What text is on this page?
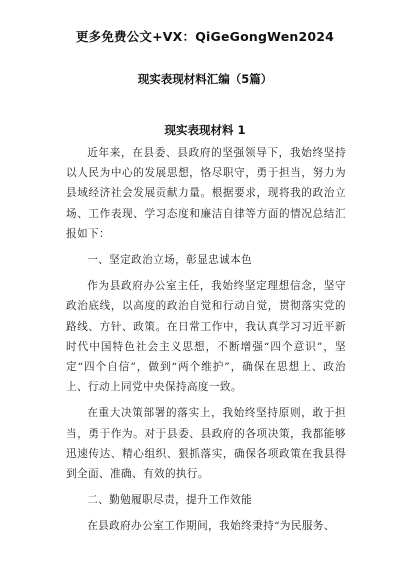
更多免费公文+VX：QiGeGongWen2024
现实表现材料汇编（5篇）
现实表现材料 1

近年来，在县委、县政府的坚强领导下，我始终坚持以人民为中心的发展思想，恪尽职守，勇于担当，努力为县域经济社会发展贡献力量。根据要求，现将我的政治立场、工作表现、学习态度和廉洁自律等方面的情况总结汇报如下：

一、坚定政治立场，彰显忠诚本色

作为县政府办公室主任，我始终坚定理想信念，坚守政治底线，以高度的政治自觉和行动自觉，贯彻落实党的路线、方针、政策。在日常工作中，我认真学习习近平新时代中国特色社会主义思想，不断增强“四个意识”，坚定“四个自信”，做到“两个维护”，确保在思想上、政治上、行动上同党中央保持高度一致。

在重大决策部署的落实上，我始终坚持原则，敢于担当，勇于作为。对于县委、县政府的各项决策，我都能够迅速传达、精心组织、狠抓落实，确保各项政策在我县得到全面、准确、有效的执行。

二、勤勉履职尽责，提升工作效能

在县政府办公室工作期间，我始终秉持“为民服务、
